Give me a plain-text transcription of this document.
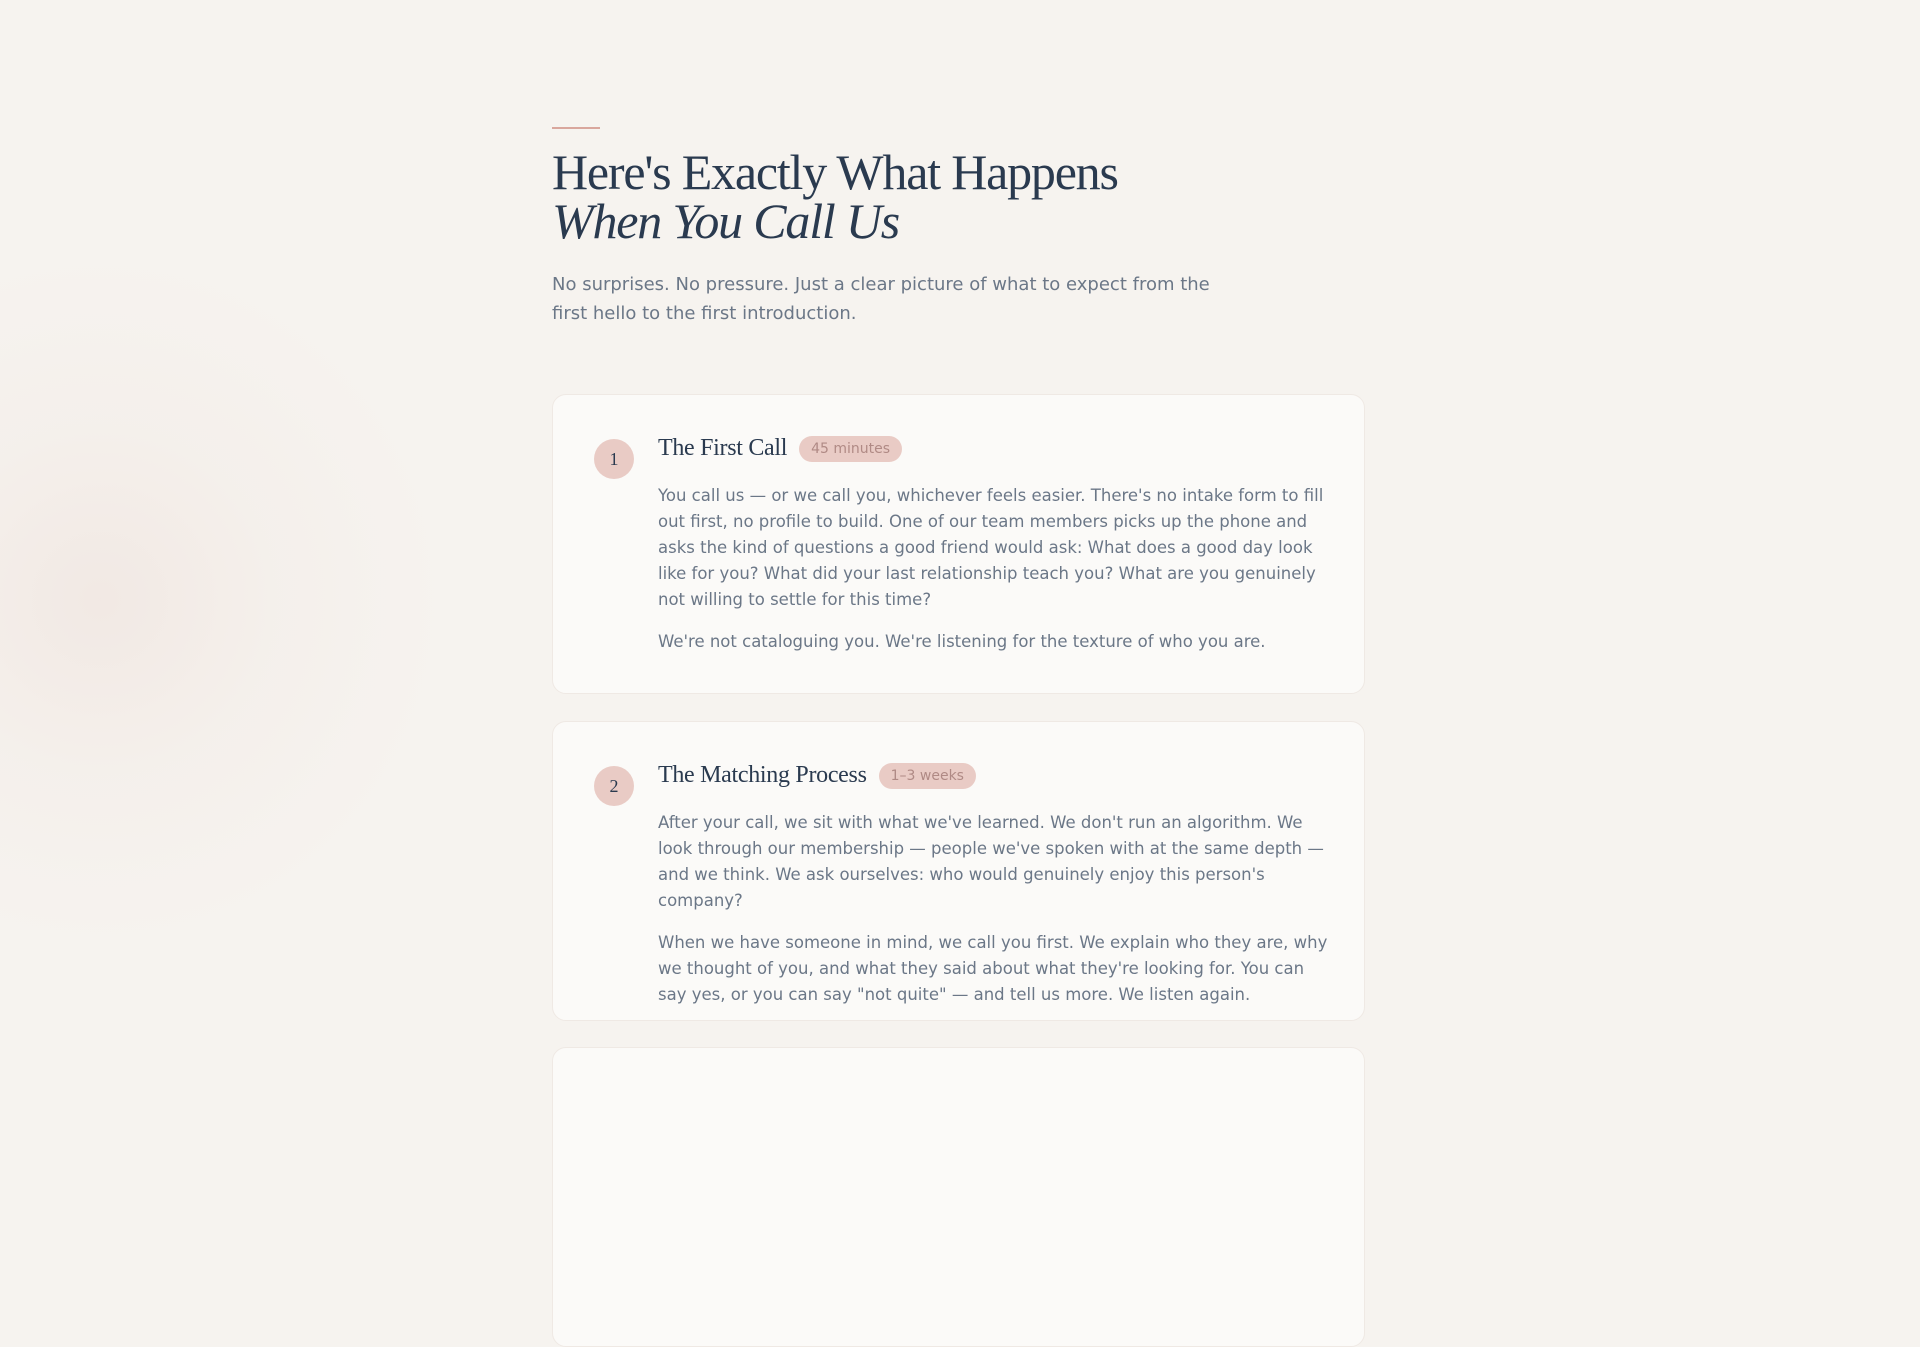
Here's Exactly What Happens
When You Call Us

No surprises. No pressure. Just a clear picture of what to expect from the first hello to the first introduction.

1	The First Call	45 minutes

You call us — or we call you, whichever feels easier. There's no intake form to fill out first, no profile to build. One of our team members picks up the phone and asks the kind of questions a good friend would ask: What does a good day look like for you? What did your last relationship teach you? What are you genuinely not willing to settle for this time?

We're not cataloguing you. We're listening for the texture of who you are.

2	The Matching Process	1–3 weeks

After your call, we sit with what we've learned. We don't run an algorithm. We look through our membership — people we've spoken with at the same depth — and we think. We ask ourselves: who would genuinely enjoy this person's company?

When we have someone in mind, we call you first. We explain who they are, why we thought of you, and what they said about what they're looking for. You can say yes, or you can say "not quite" — and tell us more. We listen again.
